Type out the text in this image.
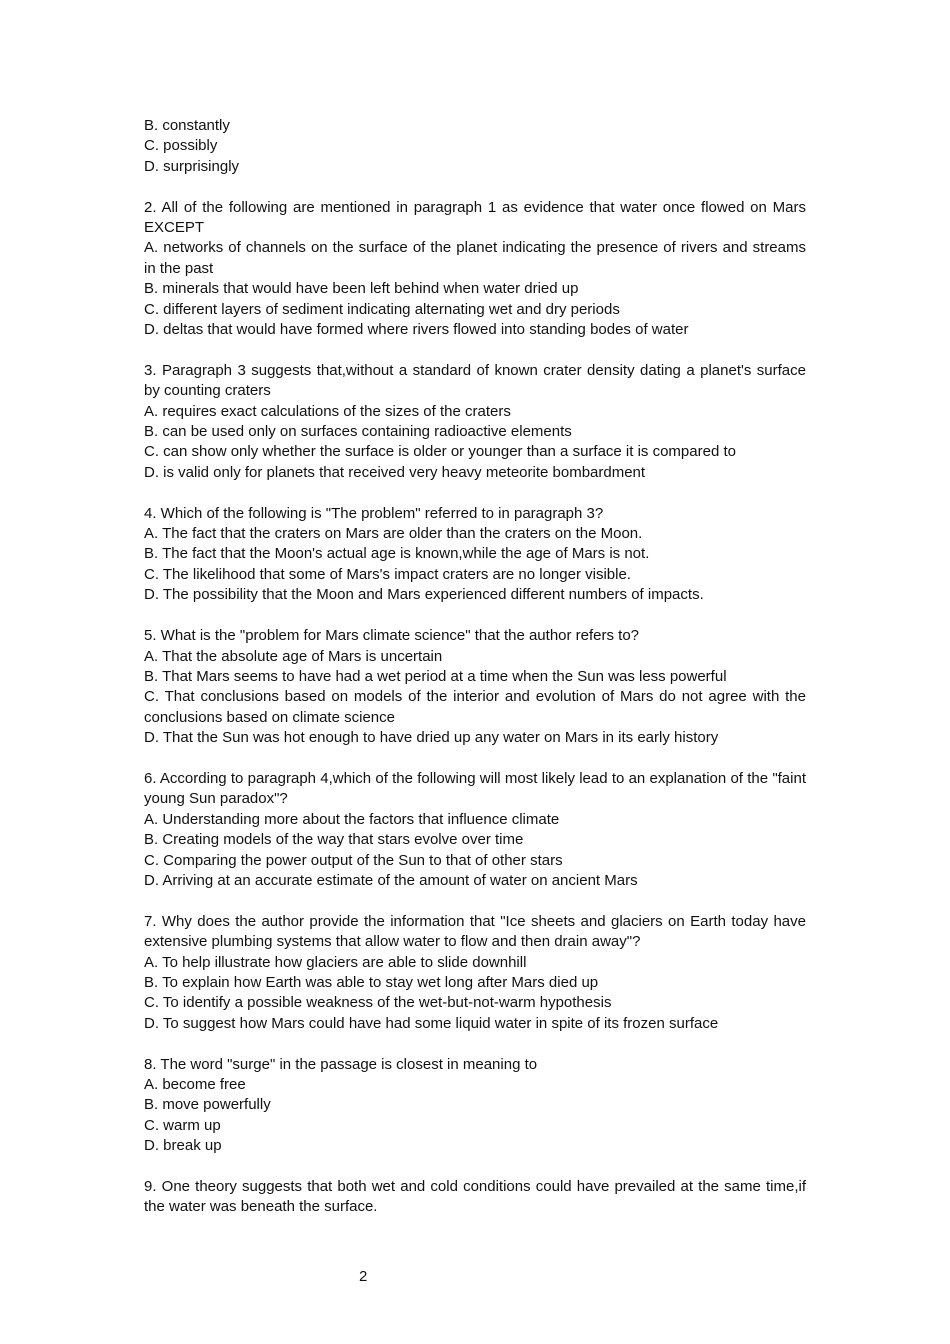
B. constantly
C. possibly
D. surprisingly
2. All of the following are mentioned in paragraph 1 as evidence that water once flowed on Mars EXCEPT
A. networks of channels on the surface of the planet indicating the presence of rivers and streams in the past
B. minerals that would have been left behind when water dried up
C. different layers of sediment indicating alternating wet and dry periods
D. deltas that would have formed where rivers flowed into standing bodes of water
3. Paragraph 3 suggests that,without a standard of known crater density dating a planet's surface by counting craters
A. requires exact calculations of the sizes of the craters
B. can be used only on surfaces containing radioactive elements
C. can show only whether the surface is older or younger than a surface it is compared to
D. is valid only for planets that received very heavy meteorite bombardment
4. Which of the following is "The problem" referred to in paragraph 3?
A. The fact that the craters on Mars are older than the craters on the Moon.
B. The fact that the Moon's actual age is known,while the age of Mars is not.
C. The likelihood that some of Mars's impact craters are no longer visible.
D. The possibility that the Moon and Mars experienced different numbers of impacts.
5. What is the "problem for Mars climate science" that the author refers to?
A. That the absolute age of Mars is uncertain
B. That Mars seems to have had a wet period at a time when the Sun was less powerful
C. That conclusions based on models of the interior and evolution of Mars do not agree with the conclusions based on climate science
D. That the Sun was hot enough to have dried up any water on Mars in its early history
6. According to paragraph 4,which of the following will most likely lead to an explanation of the "faint young Sun paradox"?
A. Understanding more about the factors that influence climate
B. Creating models of the way that stars evolve over time
C. Comparing the power output of the Sun to that of other stars
D. Arriving at an accurate estimate of the amount of water on ancient Mars
7. Why does the author provide the information that "Ice sheets and glaciers on Earth today have extensive plumbing systems that allow water to flow and then drain away"?
A. To help illustrate how glaciers are able to slide downhill
B. To explain how Earth was able to stay wet long after Mars died up
C. To identify a possible weakness of the wet-but-not-warm hypothesis
D. To suggest how Mars could have had some liquid water in spite of its frozen surface
8. The word "surge" in the passage is closest in meaning to
A. become free
B. move powerfully
C. warm up
D. break up
9. One theory suggests that both wet and cold conditions could have prevailed at the same time,if the water was beneath the surface.
2
